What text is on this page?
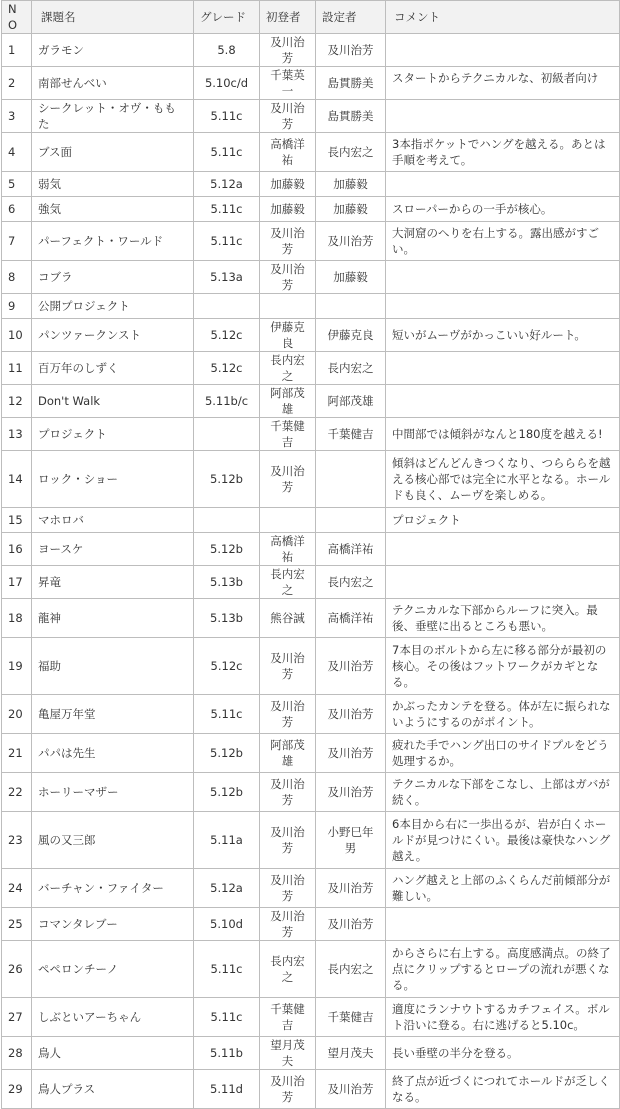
NO	課題名	グレード	初登者	設定者	コメント
1	ガラモン	5.8	及川治芳	及川治芳	
2	南部せんべい	5.10c/d	千葉英一	島貫勝美	スタートからテクニカルな、初級者向け

3	シークレット・オヴ・ももた	5.11c	及川治芳	島貫勝美	
4	ブス面	5.11c	高橋洋祐	長内宏之	3本指ポケットでハングを越える。あとは手順を考えて。
5	弱気	5.12a	加藤毅	加藤毅	
6	強気	5.11c	加藤毅	加藤毅	スローパーからの一手が核心。
7	パーフェクト・ワールド	5.11c	及川治芳	及川治芳	大洞窟のへりを右上する。露出感がすごい。
8	コブラ	5.13a	及川治芳	加藤毅	
9	公開プロジェクト				
10	パンツァークンスト	5.12c	伊藤克良	伊藤克良	短いがムーヴがかっこいい好ルート。
11	百万年のしずく	5.12c	長内宏之	長内宏之	
12	Don't Walk	5.11b/c	阿部茂雄	阿部茂雄	
13	プロジェクト		千葉健吉	千葉健吉	中間部では傾斜がなんと180度を越える!
14	ロック・ショー	5.12b	及川治芳		傾斜はどんどんきつくなり、つらららを越える核心部では完全に水平となる。ホールドも良く、ムーヴを楽しめる。
15	マホロバ				プロジェクト
16	ヨースケ	5.12b	高橋洋祐	高橋洋祐	
17	昇竜	5.13b	長内宏之	長内宏之	
18	龍神	5.13b	熊谷誠	高橋洋祐	テクニカルな下部からルーフに突入。最後、垂壁に出るところも悪い。
19	福助	5.12c	及川治芳	及川治芳	7本目のボルトから左に移る部分が最初の核心。その後はフットワークがカギとなる。
20	亀屋万年堂	5.11c	及川治芳	及川治芳	かぶったカンテを登る。体が左に振られないようにするのがポイント。
21	パパは先生	5.12b	阿部茂雄	及川治芳	疲れた手でハング出口のサイドプルをどう処理するか。
22	ホーリーマザー	5.12b	及川治芳	及川治芳	テクニカルな下部をこなし、上部はガバが続く。
23	風の又三郎	5.11a	及川治芳	小野巳年男	6本目から右に一歩出るが、岩が白くホールドが見つけにくい。最後は豪快なハング越え。
24	バーチャン・ファイター	5.12a	及川治芳	及川治芳	ハング越えと上部のふくらんだ前傾部分が難しい。
25	コマンタレブー	5.10d	及川治芳	及川治芳	
26	ペペロンチーノ	5.11c	長内宏之	長内宏之	からさらに右上する。高度感満点。の終了点にクリップするとロープの流れが悪くなる。
27	しぶといアーちゃん	5.11c	千葉健吉	千葉健吉	適度にランナウトするカチフェイス。ボルト沿いに登る。右に逃げると5.10c。
28	鳥人	5.11b	望月茂夫	望月茂夫	長い垂壁の半分を登る。
29	鳥人プラス	5.11d	及川治芳	及川治芳	終了点が近づくにつれてホールドが乏しくなる。
